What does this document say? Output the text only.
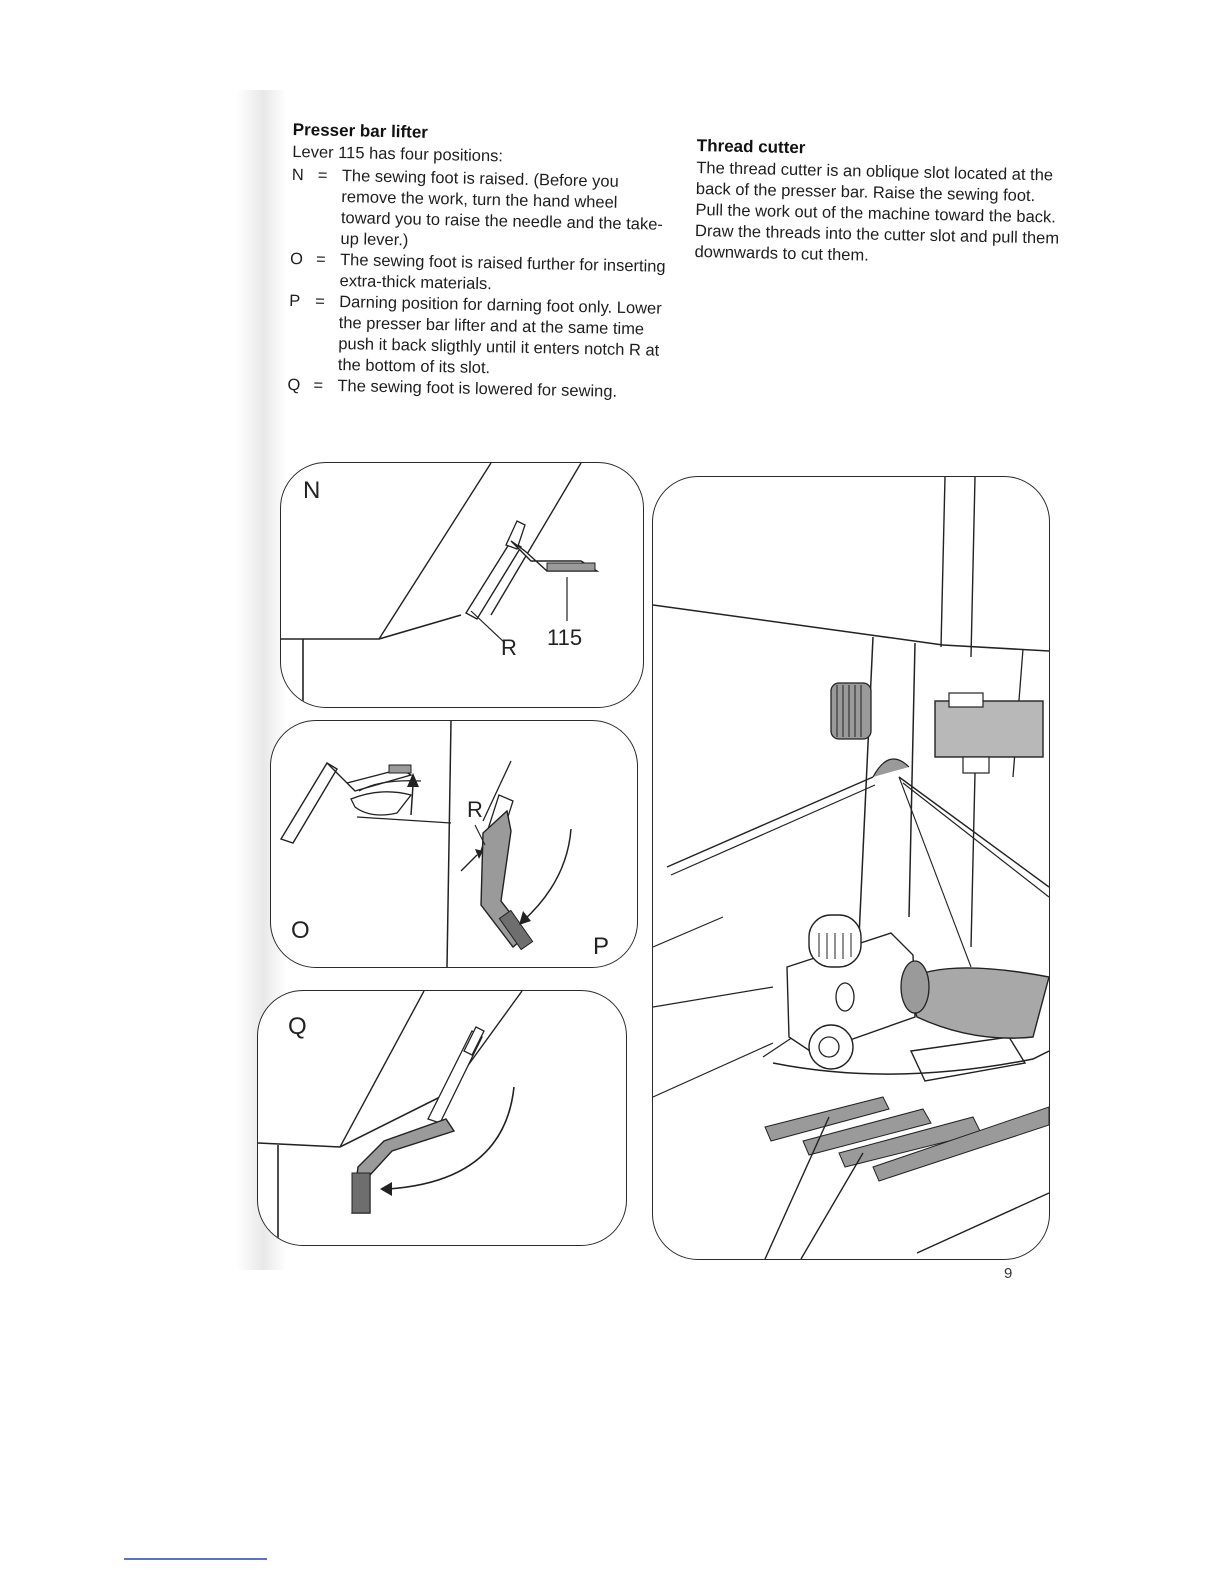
Presser bar lifter

Lever 115 has four positions:

N = The sewing foot is raised. (Before you remove the work, turn the hand wheel toward you to raise the needle and the take-up lever.)
O = The sewing foot is raised further for inserting extra-thick materials.
P = Darning position for darning foot only. Lower the presser bar lifter and at the same time push it back sligthly until it enters notch R at the bottom of its slot.
Q = The sewing foot is lowered for sewing.
Thread cutter

The thread cutter is an oblique slot located at the back of the presser bar. Raise the sewing foot. Pull the work out of the machine toward the back. Draw the threads into the cutter slot and pull them downwards to cut them.

N
R 115
O
P
R
Q
9
